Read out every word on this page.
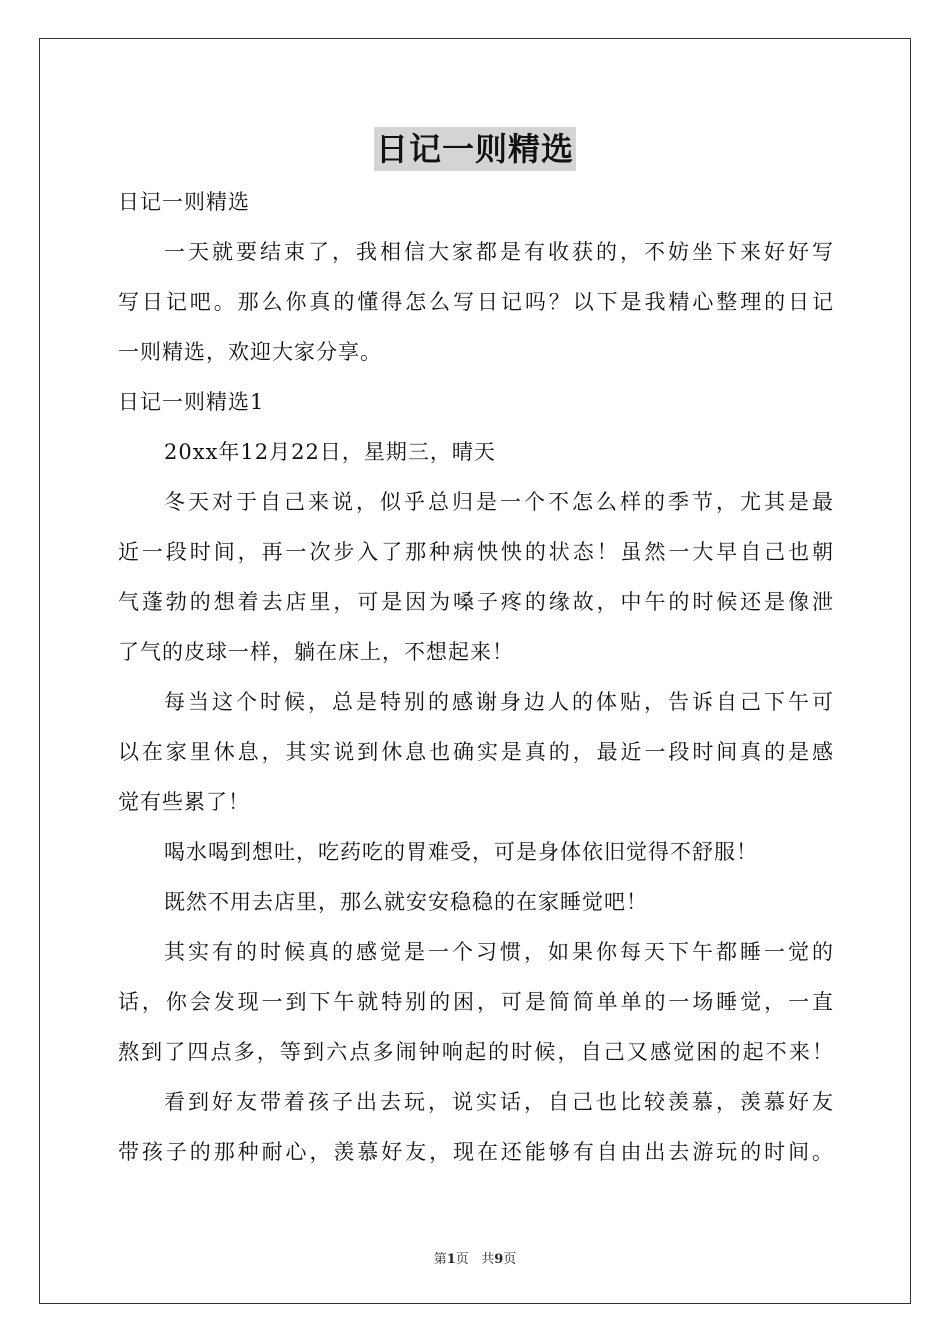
日记一则精选
日记一则精选
一天就要结束了，我相信大家都是有收获的，不妨坐下来好好写
写日记吧。那么你真的懂得怎么写日记吗？以下是我精心整理的日记
一则精选，欢迎大家分享。
日记一则精选1
20xx年12月22日，星期三，晴天
冬天对于自己来说，似乎总归是一个不怎么样的季节，尤其是最
近一段时间，再一次步入了那种病怏怏的状态！虽然一大早自己也朝
气蓬勃的想着去店里，可是因为嗓子疼的缘故，中午的时候还是像泄
了气的皮球一样，躺在床上，不想起来！
每当这个时候，总是特别的感谢身边人的体贴，告诉自己下午可
以在家里休息，其实说到休息也确实是真的，最近一段时间真的是感
觉有些累了！
喝水喝到想吐，吃药吃的胃难受，可是身体依旧觉得不舒服！
既然不用去店里，那么就安安稳稳的在家睡觉吧！
其实有的时候真的感觉是一个习惯，如果你每天下午都睡一觉的
话，你会发现一到下午就特别的困，可是简简单单的一场睡觉，一直
熬到了四点多，等到六点多闹钟响起的时候，自己又感觉困的起不来！
看到好友带着孩子出去玩，说实话，自己也比较羡慕，羡慕好友
带孩子的那种耐心，羡慕好友，现在还能够有自由出去游玩的时间。
第1页 共9页
